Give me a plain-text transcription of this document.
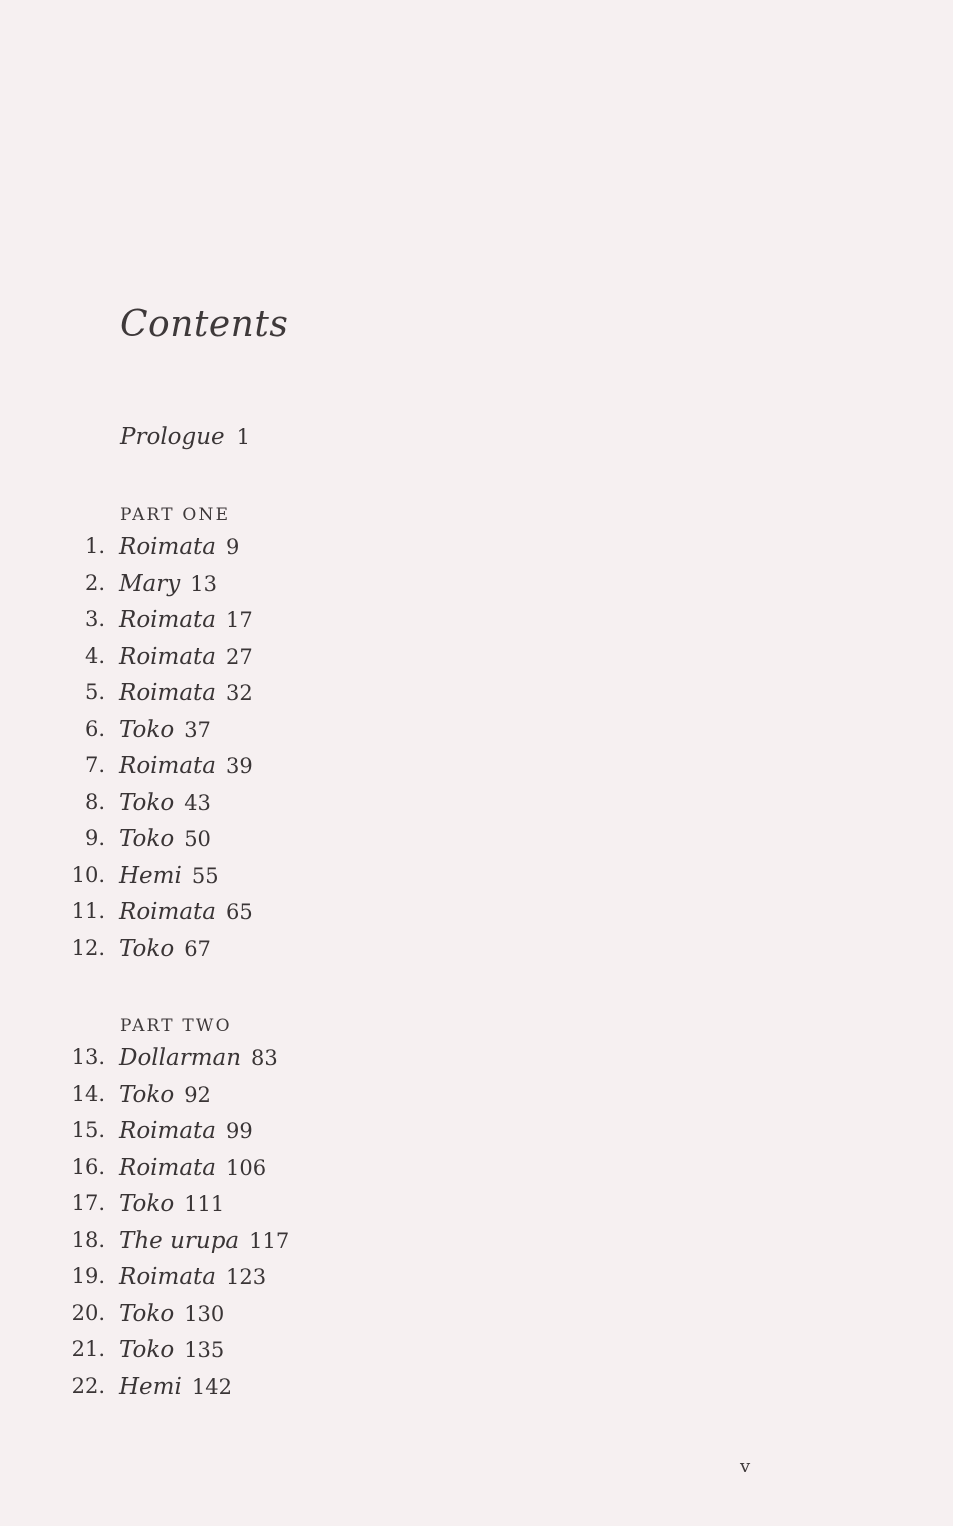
Contents
Prologue 1
PART ONE
1. Roimata 9
2. Mary 13
3. Roimata 17
4. Roimata 27
5. Roimata 32
6. Toko 37
7. Roimata 39
8. Toko 43
9. Toko 50
10. Hemi 55
11. Roimata 65
12. Toko 67
PART TWO
13. Dollarman 83
14. Toko 92
15. Roimata 99
16. Roimata 106
17. Toko 111
18. The urupa 117
19. Roimata 123
20. Toko 130
21. Toko 135
22. Hemi 142
v
